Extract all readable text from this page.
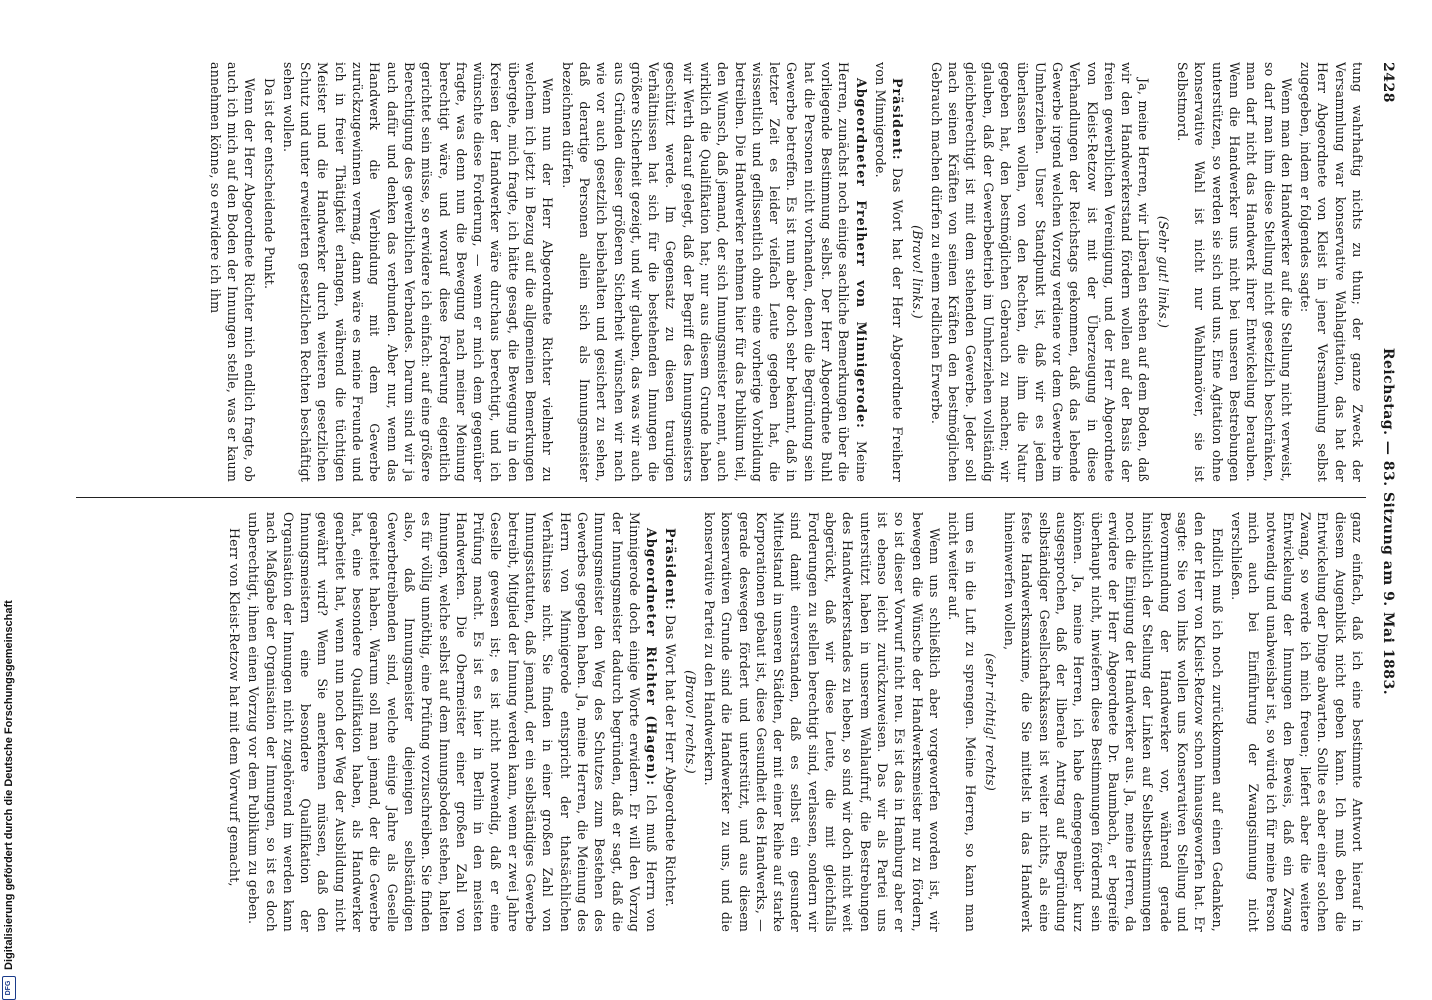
2428
Reichstag. — 83. Sitzung am 9. Mai 1883.

tung wahrhaftig nichts zu thun; der ganze Zweck der Versammlung war konservative Wahlagitation, das hat der Herr Abgeordnete von Kleist in jener Versammlung selbst zugegeben, indem er folgendes sagte:

Wenn man den Handwerker auf die Stellung nicht verweist, so darf man ihm diese Stellung nicht gesetzlich beschränken, man darf nicht das Handwerk ihrer Entwickelung berauben. Wenn die Handwerker uns nicht bei unseren Bestrebungen unterstützen, so werden sie sich und uns. Eine Agitation ohne konservative Wahl ist nicht nur Wahlmanöver, sie ist Selbstmord.

(Sehr gut! links.)

Ja, meine Herren, wir Liberalen stehen auf dem Boden, daß wir den Handwerkerstand fördern wollen auf der Basis der freien gewerblichen Vereinigung, und der Herr Abgeordnete von Kleist-Retzow ist mit der Überzeugung in diese Verhandlungen der Reichstags gekommen, daß das lebende Gewerbe irgend welchen Vorzug verdiene vor dem Gewerbe im Umherziehen. Unser Standpunkt ist, daß wir es jedem überlassen wollen, von den Rechten, die ihm die Natur gegeben hat, den bestmöglichen Gebrauch zu machen; wir glauben, daß der Gewerbebetrieb im Umherziehen vollständig gleichberechtigt ist mit dem stehenden Gewerbe. Jeder soll nach seinen Kräften von seinen Kräften den bestmöglichen Gebrauch machen dürfen zu einem redlichen Erwerbe.

(Bravo! links.)

Präsident: Das Wort hat der Herr Abgeordnete Freiherr von Minnigerode.

Abgeordneter Freiherr von Minnigerode: Meine Herren, zunächst noch einige sachliche Bemerkungen über die vorliegende Bestimmung selbst. Der Herr Abgeordnete Buhl hat die Personen nicht vorhanden, denen die Begründung sein Gewerbe betreffen. Es ist nun aber doch sehr bekannt, daß in letzter Zeit es leider vielfach Leute gegeben hat, die wissentlich und geflissentlich ohne eine vorherige Vorbildung betreiben. Die Handwerker nehmen hier für das Publikum teil, den Wunsch, daß jemand, der sich Innungsmeister nennt, auch wirklich die Qualifikation hat; nur aus diesem Grunde haben wir Werth darauf gelegt, daß der Begriff des Innungsmeisters geschützt werde. Im Gegensatz zu diesen traurigen Verhältnissen hat sich für die bestehenden Innungen die größere Sicherheit gezeigt, und wir glauben, das was wir auch aus Gründen dieser größeren Sicherheit wünschen wir nach wie vor auch gesetzlich beibehalten und gesichert zu sehen, daß derartige Personen allein sich als Innungsmeister bezeichnen dürfen.

Wenn nun der Herr Abgeordnete Richter vielmehr zu welchem ich jetzt in Bezug auf die allgemeinen Bemerkungen übergehe, mich fragte, ich hätte gesagt, die Bewegung in den Kreisen der Handwerker wäre durchaus berechtigt, und ich wünschte diese Forderung, — wenn er mich dem gegenüber fragte, was denn nun die Bewegung nach meiner Meinung berechtigt wäre, und worauf diese Forderung eigentlich gerichtet sein müsse, so erwidere ich einfach: auf eine größere Berechtigung des gewerblichen Verbandes. Darum sind wir ja auch dafür und denken das verbunden. Aber nur, wenn das Handwerk die Verbindung mit dem Gewerbe zurückzugewinnen vermag, dann wäre es meine Freunde und ich in freier Thätigkeit erlangen, während die tüchtigen Meister und die Handwerker durch weiteren gesetzlichen Schutz und unter erweiterten gesetzlichen Rechten beschäftigt sehen wollen.

Da ist der entscheidende Punkt.

Wenn der Herr Abgeordnete Richter mich endlich fragte, ob auch ich mich auf den Boden der Innungen stelle, was er kaum annehmen könne, so erwidere ich ihm

ganz einfach, daß ich eine bestimmte Antwort hierauf in diesem Augenblick nicht geben kann. Ich muß eben die Entwickelung der Dinge abwarten. Sollte es aber einer solchen Zwang, so werde ich mich freuen; liefert aber die weitere Entwickelung der Innungen den Beweis, daß ein Zwang notwendig und unabweisbar ist, so würde ich für meine Person mich auch bei Einführung der Zwangsinnung nicht verschließen.

Endlich muß ich noch zurückkommen auf einen Gedanken, den der Herr von Kleist-Retzow schon hinausgeworfen hat. Er sagte: Sie von links wollen uns Konservativen Stellung und Bevormundung der Handwerker vor, während gerade hinsichtlich der Stellung der Linken auf Selbstbestimmungen noch die Einigung der Handwerker aus. Ja, meine Herren, da erwidere der Herr Abgeordnete Dr. Baumbach, er begreife überhaupt nicht, inwiefern diese Bestimmungen fördernd sein können. Ja, meine Herren, ich habe demgegenüber kurz ausgesprochen, daß der liberale Antrag auf Begründung selbständiger Gesellschaftskassen ist weiter nichts, als eine feste Handwerksmaxime, die Sie mittelst in das Handwerk hineinwerfen wollen,

(sehr richtig! rechts)

um es in die Luft zu sprengen. Meine Herren, so kann man nicht weiter auf.

Wenn uns schließlich aber vorgeworfen worden ist, wir bewegen die Wünsche der Handwerksmeister nur zu fördern, so ist dieser Vorwurf nicht neu. Es ist das in Hamburg aber er ist ebenso leicht zurückzuweisen. Das wir als Partei uns unterstützt haben in unserem Wahlaufruf, die Bestrebungen des Handwerkerstandes zu heben, so sind wir doch nicht weit abgerückt, daß wir diese Leute, die mit gleichfalls Forderungen zu stellen berechtigt sind, verlassen, sondern wir sind damit einverstanden, daß es selbst ein gesunder Mittelstand in unseren Städten, der mit einer Reihe auf starke Korporationen gebaut ist, diese Gesundheit des Handwerks, — gerade deswegen fördert und unterstützt, und aus diesem konservativen Grunde sind die Handwerker zu uns, und die konservative Partei zu den Handwerkern.

(Bravo! rechts.)

Präsident: Das Wort hat der Herr Abgeordnete Richter.

Abgeordneter Richter (Hagen): Ich muß Herrn von Minnigerode doch einige Worte erwidern. Er will den Vorzug der Innungsmeister dadurch begründen, daß er sagt, daß die Innungsmeister den Weg des Schutzes zum Bestehen des Gewerbes gegeben haben. Ja, meine Herren, die Meinung des Herrn von Minnigerode entspricht der thatsächlichen Verhältnisse nicht. Sie finden in einer großen Zahl von Innungsstatuten, daß jemand, der ein selbständiges Gewerbe betreibt, Mitglied der Innung werden kann, wenn er zwei Jahre Geselle gewesen ist; es ist nicht notwendig, daß er eine Prüfung macht. Es ist es hier in Berlin in den meisten Handwerken. Die Obermeister einer großen Zahl von Innungen, welche selbst auf dem Innungsboden stehen, halten es für völlig unnöthig, eine Prüfung vorzuschreiben. Sie finden also, daß Innungsmeister diejenigen selbständigen Gewerbetreibenden sind, welche einige Jahre als Geselle gearbeitet haben. Warum soll man jemand, der die Gewerbe hat, eine besondere Qualifikation haben, als Handwerker gearbeitet hat, wenn nun noch der Weg der Ausbildung nicht gewährt wird? Wenn Sie anerkennen müssen, daß den Innungsmeistern eine besondere Qualifikation der Organisation der Innungen nicht zugehörend im werden kann nach Maßgabe der Organisation der Innungen, so ist es doch unberechtigt, ihnen einen Vorzug vor dem Publikum zu geben.

Herr von Kleist-Retzow hat mit dem Vorwurf gemacht,

DFG
Digitalisierung gefördert durch die Deutsche Forschungsgemeinschaft
